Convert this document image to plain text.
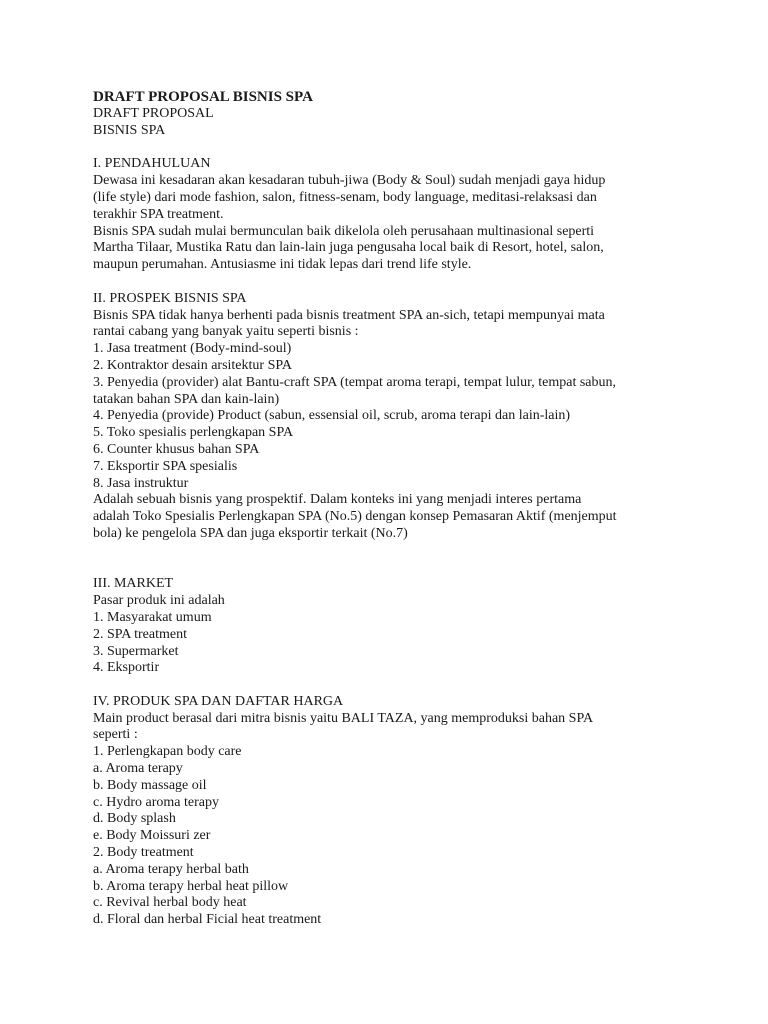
DRAFT PROPOSAL BISNIS SPA
DRAFT PROPOSAL
BISNIS SPA
I. PENDAHULUAN
Dewasa ini kesadaran akan kesadaran tubuh-jiwa (Body & Soul) sudah menjadi gaya hidup
(life style) dari mode fashion, salon, fitness-senam, body language, meditasi-relaksasi dan
terakhir SPA treatment.
Bisnis SPA sudah mulai bermunculan baik dikelola oleh perusahaan multinasional seperti
Martha Tilaar, Mustika Ratu dan lain-lain juga pengusaha local baik di Resort, hotel, salon,
maupun perumahan. Antusiasme ini tidak lepas dari trend life style.
II. PROSPEK BISNIS SPA
Bisnis SPA tidak hanya berhenti pada bisnis treatment SPA an-sich, tetapi mempunyai mata
rantai cabang yang banyak yaitu seperti bisnis :
1. Jasa treatment (Body-mind-soul)
2. Kontraktor desain arsitektur SPA
3. Penyedia (provider) alat Bantu-craft SPA (tempat aroma terapi, tempat lulur, tempat sabun,
tatakan bahan SPA dan kain-lain)
4. Penyedia (provide) Product (sabun, essensial oil, scrub, aroma terapi dan lain-lain)
5. Toko spesialis perlengkapan SPA
6. Counter khusus bahan SPA
7. Eksportir SPA spesialis
8. Jasa instruktur
Adalah sebuah bisnis yang prospektif. Dalam konteks ini yang menjadi interes pertama
adalah Toko Spesialis Perlengkapan SPA (No.5) dengan konsep Pemasaran Aktif (menjemput
bola) ke pengelola SPA dan juga eksportir terkait (No.7)
III. MARKET
Pasar produk ini adalah
1. Masyarakat umum
2. SPA treatment
3. Supermarket
4. Eksportir
IV. PRODUK SPA DAN DAFTAR HARGA
Main product berasal dari mitra bisnis yaitu BALI TAZA, yang memproduksi bahan SPA
seperti :
1. Perlengkapan body care
a. Aroma terapy
b. Body massage oil
c. Hydro aroma terapy
d. Body splash
e. Body Moissuri zer
2. Body treatment
a. Aroma terapy herbal bath
b. Aroma terapy herbal heat pillow
c. Revival herbal body heat
d. Floral dan herbal Ficial heat treatment
